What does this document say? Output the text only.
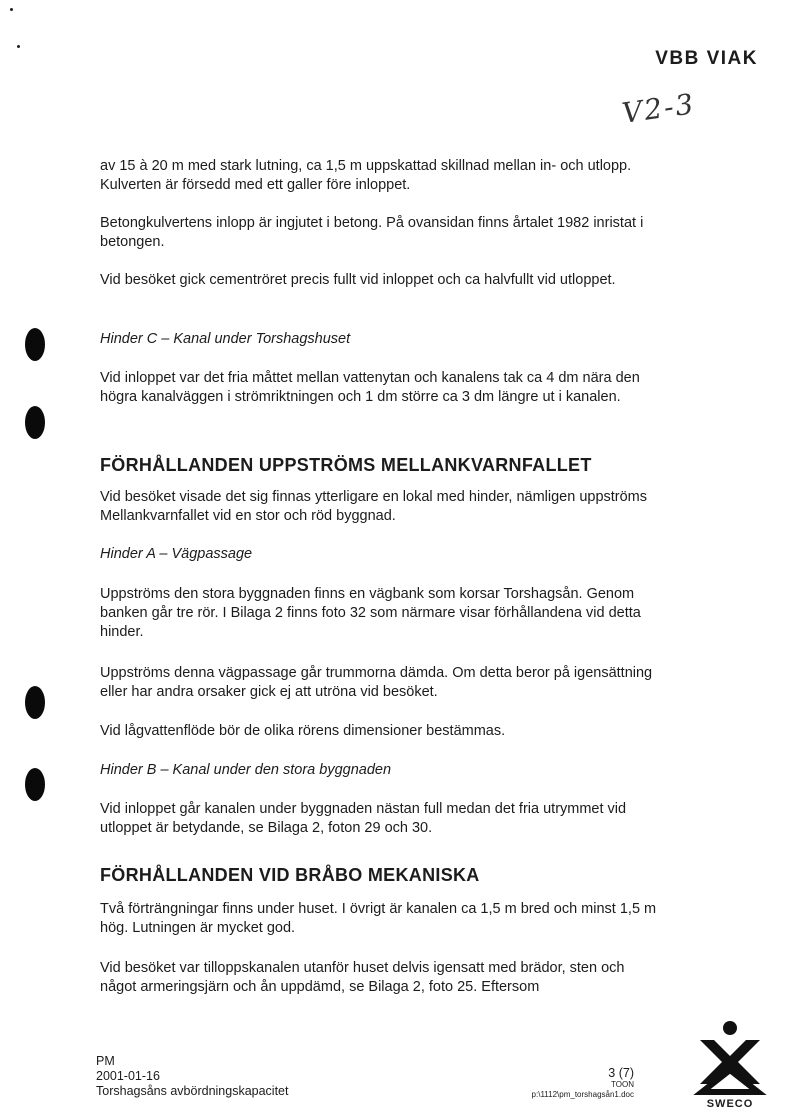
VBB VIAK
V2-3

av 15 à 20 m med stark lutning, ca 1,5 m uppskattad skillnad mellan in- och utlopp. Kulverten är försedd med ett galler före inloppet.

Betongkulvertens inlopp är ingjutet i betong. På ovansidan finns årtalet 1982 inristat i betongen.

Vid besöket gick cementröret precis fullt vid inloppet och ca halvfullt vid utloppet.

Hinder C – Kanal under Torshagshuset

Vid inloppet var det fria måttet mellan vattenytan och kanalens tak ca 4 dm nära den högra kanalväggen i strömriktningen och 1 dm större ca 3 dm längre ut i kanalen.

FÖRHÅLLANDEN UPPSTRÖMS MELLANKVARNFALLET

Vid besöket visade det sig finnas ytterligare en lokal med hinder, nämligen uppströms Mellankvarnfallet vid en stor och röd byggnad.

Hinder A – Vägpassage

Uppströms den stora byggnaden finns en vägbank som korsar Torshagsån. Genom banken går tre rör. I Bilaga 2 finns foto 32 som närmare visar förhållandena vid detta hinder.

Uppströms denna vägpassage går trummorna dämda. Om detta beror på igensättning eller har andra orsaker gick ej att utröna vid besöket.

Vid lågvattenflöde bör de olika rörens dimensioner bestämmas.

Hinder B – Kanal under den stora byggnaden

Vid inloppet går kanalen under byggnaden nästan full medan det fria utrymmet vid utloppet är betydande, se Bilaga 2, foton 29 och 30.

FÖRHÅLLANDEN VID BRÅBO MEKANISKA

Två förträngningar finns under huset. I övrigt är kanalen ca 1,5 m bred och minst 1,5 m hög. Lutningen är mycket god.

Vid besöket var tilloppskanalen utanför huset delvis igensatt med brädor, sten och något armeringsjärn och ån uppdämd, se Bilaga 2, foto 25. Eftersom

PM
2001-01-16
Torshagsåns avbördningskapacitet
3 (7)
TOON
p:\1112\pm_torshagsån1.doc
SWECO
